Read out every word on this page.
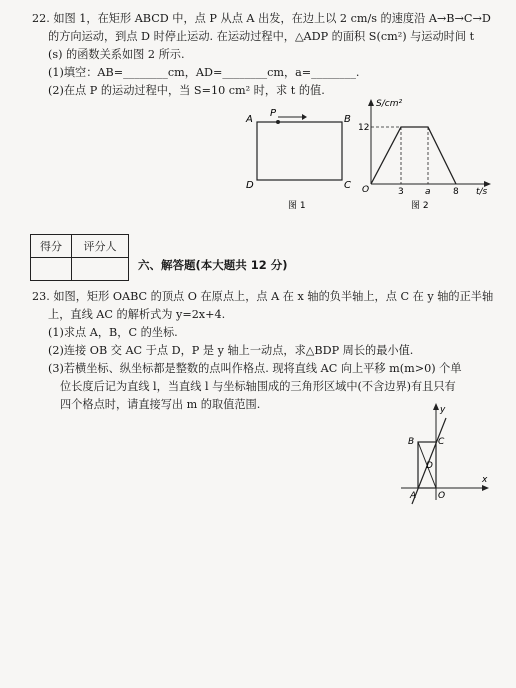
22. 如图 1，在矩形 ABCD 中，点 P 从点 A 出发，在边上以 2 cm/s 的速度沿 A→B→C→D
的方向运动，到点 D 时停止运动. 在运动过程中，△ADP 的面积 S(cm²) 与运动时间 t
(s) 的函数关系如图 2 所示.
(1)填空：AB=________cm，AD=________cm，a=________.
(2)在点 P 的运动过程中，当 S=10 cm² 时，求 t 的值.
A
P
B
D	C
图 1
S/cm²
12
O	3 a 8 t/s
图 2
得分	评分人

六、解答题(本大题共 12 分)
23. 如图，矩形 OABC 的顶点 O 在原点上，点 A 在 x 轴的负半轴上，点 C 在 y 轴的正半轴
上，直线 AC 的解析式为 y=2x+4.
(1)求点 A，B，C 的坐标.
(2)连接 OB 交 AC 于点 D，P 是 y 轴上一动点，求△BDP 周长的最小值.
(3)若横坐标、纵坐标都是整数的点叫作格点. 现将直线 AC 向上平移 m(m>0) 个单
位长度后记为直线 l，当直线 l 与坐标轴围成的三角形区域中(不含边界)有且只有
四个格点时，请直接写出 m 的取值范围.	y
x
B	C
D
A O
